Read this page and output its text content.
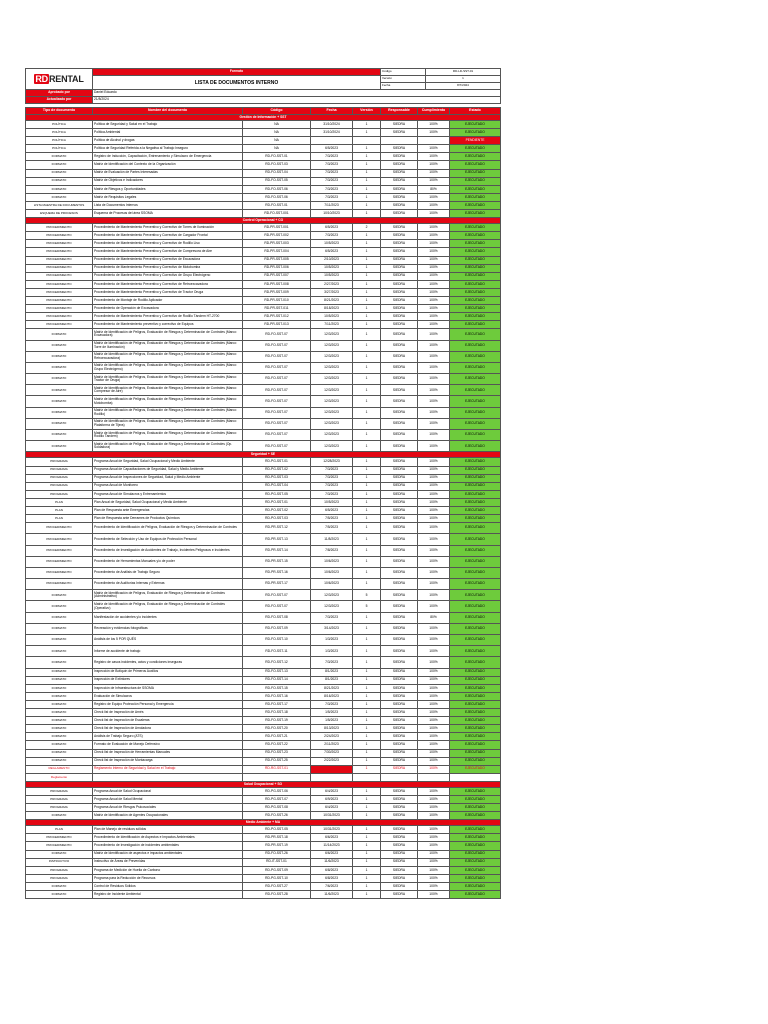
RDRENTAL	Formato	Código	RD-LD-SST-01
	LISTA DE DOCUMENTOS INTERNO	Versión	1
		Fecha	8/7/2024
Aprobado por	Daniel Eduardo		
Actualizado por	21/8/2024		
Tipo de documento	Nombre del documento	Código	Fecha	Versión	Responsable	Cumplimiento	Estado
Gestión de Información + SST							
POLÍTICA	Política de Seguridad y Salud en el Trabajo	NA	31/10/2024	1	SIEDRA	100%	EJECUTADO
POLÍTICA	Política Ambiental	NA	31/10/2024	1	SIEDRA	100%	EJECUTADO
POLÍTICA	Política de Alcohol y drogas	NA					PENDIENTE
POLÍTICA	Política de Seguridad Referida a la Negativa al Trabajo Inseguro	NA	6/5/2023	1	SIEDRA	100%	EJECUTADO
FORMATO	Registro de Inducción, Capacitación, Entrenamiento y Simulacro de Emergencia	RD-FO-SST-01	7/3/2023	1	SIEDRA	100%	EJECUTADO
FORMATO	Matriz de Identificación del Contexto de la Organización	RD-FO-SST-03	7/3/2023	1	SIEDRA	100%	EJECUTADO
FORMATO	Matriz de Evaluación de Partes Interesadas	RD-FO-SST-04	7/3/2023	1	SIEDRA	100%	EJECUTADO
FORMATO	Matriz de Objetivos e Indicadores	RD-FO-SST-05	7/3/2023	1	SIEDRA	100%	EJECUTADO
FORMATO	Matriz de Riesgos y Oportunidades	RD-FO-SST-06	7/3/2023	1	SIEDRA	80%	EJECUTADO
FORMATO	Matriz de Requisitos Legales	RD-FO-SST-06	7/3/2023	1	SIEDRA	100%	EJECUTADO
LISTA MAESTRA DE DOCUMENTOS	Lista de Documentos Internos	RD-FO-SST-01	7/11/2023	1	SIEDRA	100%	EJECUTADO
ESQUEMA DE PROCESOS	Esquema de Procesos del área SSOMA	RD-FO-SST-001	10/10/2023	1	SIEDRA	100%	EJECUTADO
Control Operacional + CO							
PROCEDIMIENTO	Procedimiento de Mantenimiento Preventivo y Correctivo de Torres de Iluminación	RD-PR-SST-001	6/5/2023	2	SIEDRA	100%	EJECUTADO
PROCEDIMIENTO	Procedimiento de Mantenimiento Preventivo y Correctivo de Cargador Frontal	RD-PR-SST-002	7/3/2023	1	SIEDRA	100%	EJECUTADO
PROCEDIMIENTO	Procedimiento de Mantenimiento Preventivo y Correctivo de Rodillo Liso	RD-PR-SST-003	10/5/2023	1	SIEDRA	100%	EJECUTADO
PROCEDIMIENTO	Procedimiento de Mantenimiento Preventivo y Correctivo de Compresora de Aire	RD-PR-SST-004	6/5/2023	1	SIEDRA	100%	EJECUTADO
PROCEDIMIENTO	Procedimiento de Mantenimiento Preventivo y Correctivo de Excavadora	RD-PR-SST-005	2/10/2023	1	SIEDRA	100%	EJECUTADO
PROCEDIMIENTO	Procedimiento de Mantenimiento Preventivo y Correctivo de Motobomba	RD-PR-SST-006	10/5/2023	1	SIEDRA	100%	EJECUTADO
PROCEDIMIENTO	Procedimiento de Mantenimiento Preventivo y Correctivo de Grupo Electrógeno	RD-PR-SST-007	10/5/2023	1	SIEDRA	100%	EJECUTADO
PROCEDIMIENTO	Procedimiento de Mantenimiento Preventivo y Correctivo de Retroexcavadora	RD-PR-SST-008	2/27/2023	1	SIEDRA	100%	EJECUTADO
PROCEDIMIENTO	Procedimiento de Mantenimiento Preventivo y Correctivo de Tractor Oruga	RD-PR-SST-009	3/27/2023	1	SIEDRA	100%	EJECUTADO
PROCEDIMIENTO	Procedimiento de Montaje de Rodillo Aplicador	RD-PR-SST-010	8/21/2023	1	SIEDRA	100%	EJECUTADO
PROCEDIMIENTO	Procedimiento de Operación de Excavadora	RD-PR-SST-011	8/18/2023	1	SIEDRA	100%	EJECUTADO
PROCEDIMIENTO	Procedimiento de Mantenimiento Preventivo y Correctivo de Rodillo Tándem HT-2700	RD-PR-SST-012	10/5/2023	1	SIEDRA	100%	EJECUTADO
PROCEDIMIENTO	Procedimiento de Mantenimiento preventivo y correctivo de Equipos	RD-PR-SST-013	7/11/2023	1	SIEDRA	100%	EJECUTADO
FORMATO	Matriz de Identificación de Peligros, Evaluación de Riesgos y Determinación de Controles (Marco: Excavadora)	RD-FO-SST-07	12/3/2023	1	SIEDRA	100%	EJECUTADO
FORMATO	Matriz de Identificación de Peligros, Evaluación de Riesgos y Determinación de Controles (Marco: Torre de Iluminación)	RD-FO-SST-07	12/3/2023	1	SIEDRA	100%	EJECUTADO
FORMATO	Matriz de Identificación de Peligros, Evaluación de Riesgos y Determinación de Controles (Marco: Retroexcavadora)	RD-FO-SST-07	12/3/2023	1	SIEDRA	100%	EJECUTADO
FORMATO	Matriz de Identificación de Peligros, Evaluación de Riesgos y Determinación de Controles (Marco: Grupo Electrógeno)	RD-FO-SST-07	12/3/2023	1	SIEDRA	100%	EJECUTADO
FORMATO	Matriz de Identificación de Peligros, Evaluación de Riesgos y Determinación de Controles (Marco: Tractor de Oruga)	RD-FO-SST-07	12/3/2023	1	SIEDRA	100%	EJECUTADO
FORMATO	Matriz de Identificación de Peligros, Evaluación de Riesgos y Determinación de Controles (Marco: Compresor de Aire)	RD-FO-SST-07	12/3/2023	1	SIEDRA	100%	EJECUTADO
FORMATO	Matriz de Identificación de Peligros, Evaluación de Riesgos y Determinación de Controles (Marco: Motobomba)	RD-FO-SST-07	12/3/2023	1	SIEDRA	100%	EJECUTADO
FORMATO	Matriz de Identificación de Peligros, Evaluación de Riesgos y Determinación de Controles (Marco: Rodillo)	RD-FO-SST-07	12/3/2023	1	SIEDRA	100%	EJECUTADO
FORMATO	Matriz de Identificación de Peligros, Evaluación de Riesgos y Determinación de Controles (Marco: Plataforma de Tijera)	RD-FO-SST-07	12/3/2023	1	SIEDRA	100%	EJECUTADO
FORMATO	Matriz de Identificación de Peligros, Evaluación de Riesgos y Determinación de Controles (Marco: Rodillo Tandem)	RD-FO-SST-07	12/3/2023	1	SIEDRA	100%	EJECUTADO
FORMATO	Matriz de Identificación de Peligros, Evaluación de Riesgos y Determinación de Controles (Op. Soldadura)	RD-FO-SST-07	12/3/2023	1	SIEDRA	100%	EJECUTADO
Seguridad + SE							
PROGRAMA	Programa Anual de Seguridad, Salud Ocupacional y Medio Ambiente	RD-PG-SST-01	12/28/2023	1	SIEDRA	100%	EJECUTADO
PROGRAMA	Programa Anual de Capacitaciones de Seguridad, Salud y Medio Ambiente	RD-PG-SST-02	7/3/2023	1	SIEDRA	100%	EJECUTADO
PROGRAMA	Programa Anual de Inspecciones de Seguridad, Salud y Medio Ambiente	RD-PG-SST-03	7/3/2023	1	SIEDRA	100%	EJECUTADO
PROGRAMA	Programa Anual de Monitoreo	RD-PG-SST-04	7/3/2023	1	SIEDRA	100%	EJECUTADO
PROGRAMA	Programa Anual de Simulacros y Entrenamientos	RD-PG-SST-05	7/3/2023	1	SIEDRA	100%	EJECUTADO
PLAN	Plan Anual de Seguridad, Salud Ocupacional y Medio Ambiente	RD-PO-SST-01	10/5/2023	1	SIEDRA	100%	EJECUTADO
PLAN	Plan de Respuesta ante Emergencias	RD-PO-SST-02	6/5/2023	1	SIEDRA	100%	EJECUTADO
PLAN	Plan de Respuesta ante Derrames de Productos Químicos	RD-PO-SST-03	7/5/2023	1	SIEDRA	100%	EJECUTADO
PROCEDIMIENTO	Procedimiento de Identificación de Peligros, Evaluación de Riesgos y Determinación de Controles	RD-PR-SST-12	7/5/2023	1	SIEDRA	100%	EJECUTADO
PROCEDIMIENTO	Procedimiento de Selección y Uso de Equipos de Protección Personal	RD-PR-SST-13	11/8/2023	1	SIEDRA	100%	EJECUTADO
PROCEDIMIENTO	Procedimiento de Investigación de Accidentes de Trabajo, Incidentes Peligrosos e Incidentes	RD-PR-SST-14	7/8/2023	1	SIEDRA	100%	EJECUTADO
PROCEDIMIENTO	Procedimiento de Herramientas Manuales y/o de poder	RD-PR-SST-15	10/6/2023	1	SIEDRA	100%	EJECUTADO
PROCEDIMIENTO	Procedimiento de Análisis de Trabajo Seguro	RD-PR-SST-16	10/6/2023	1	SIEDRA	100%	EJECUTADO
PROCEDIMIENTO	Procedimiento de Auditorías Internas y Externas	RD-PR-SST-17	10/6/2023	1	SIEDRA	100%	EJECUTADO
FORMATO	Matriz de Identificación de Peligros, Evaluación de Riesgos y Determinación de Controles (Administrativo)	RD-FO-SST-07	12/3/2023	5	SIEDRA	100%	EJECUTADO
FORMATO	Matriz de Identificación de Peligros, Evaluación de Riesgos y Determinación de Controles (Operativo)	RD-FO-SST-07	12/3/2023	5	SIEDRA	100%	EJECUTADO
FORMATO	Manifestación de accidentes y/o incidentes	RD-FO-SST-08	7/3/2023	1	SIEDRA	80%	EJECUTADO
FORMATO	Recreación y evidencias fotográficas	RD-FO-SST-09	3/14/2023	1	SIEDRA	100%	EJECUTADO
FORMATO	Análisis de los 5 POR QUÉS	RD-FO-SST-10	1/3/2023	1	SIEDRA	100%	EJECUTADO
FORMATO	Informe de accidente de trabajo	RD-FO-SST-11	1/3/2023	1	SIEDRA	100%	EJECUTADO
FORMATO	Registro de casos incidentes, actos y condiciones inseguras	RD-FO-SST-12	7/3/2023	1	SIEDRA	100%	EJECUTADO
FORMATO	Inspección de Botiquín de Primeros Auxilios	RD-FO-SST-13	8/1/2023	1	SIEDRA	100%	EJECUTADO
FORMATO	Inspección de Extintores	RD-FO-SST-14	8/1/2023	1	SIEDRA	100%	EJECUTADO
FORMATO	Inspección de Infraestructura de SSOMA	RD-FO-SST-15	8/21/2023	1	SIEDRA	100%	EJECUTADO
FORMATO	Evaluación de Simulacros	RD-FO-SST-16	8/16/2023	1	SIEDRA	100%	EJECUTADO
FORMATO	Registro de Equipo Protección Personal y Emergencia	RD-FO-SST-17	7/3/2023	1	SIEDRA	100%	EJECUTADO
FORMATO	Check list de Inspección de Arnés	RD-FO-SST-18	1/5/2023	1	SIEDRA	100%	EJECUTADO
FORMATO	Check list de Inspección de Escaleras	RD-FO-SST-19	1/5/2023	1	SIEDRA	100%	EJECUTADO
FORMATO	Check list de Inspección de Amoladora	RD-FO-SST-20	8/13/2023	1	SIEDRA	100%	EJECUTADO
FORMATO	Análisis de Trabajo Seguro (ATS)	RD-FO-SST-21	2/24/2023	1	SIEDRA	100%	EJECUTADO
FORMATO	Formato de Evaluación de Manejo Defensivo	RD-FO-SST-22	2/11/2023	1	SIEDRA	100%	EJECUTADO
FORMATO	Check list de Inspección de Herramientas Manuales	RD-FO-SST-23	7/30/2023	1	SIEDRA	100%	EJECUTADO
FORMATO	Check list de Inspección de Montacarga	RD-FO-SST-25	2/22/2023	1	SIEDRA	100%	EJECUTADO
REGLAMENTO	Reglamento Interno de Seguridad y Salud en el Trabajo	RD-RG-SST-01		1	SIEDRA	100%	EJECUTADO
Reglamento							
Salud Ocupacional + SO							
PROGRAMA	Programa Anual de Salud Ocupacional	RD-PG-SST-06	6/4/2023	1	SIEDRA	100%	EJECUTADO
PROGRAMA	Programa Anual de Salud Mental	RD-PG-SST-07	6/9/2023	1	SIEDRA	100%	EJECUTADO
PROGRAMA	Programa Anual de Riesgos Psicosociales	RD-PG-SST-08	6/4/2023	1	SIEDRA	100%	EJECUTADO
FORMATO	Matriz de Identificación de Agentes Ocupacionales	RD-FO-SST-26	10/31/2023	1	SIEDRA	100%	EJECUTADO
Medio Ambiente + MA							
PLAN	Plan de Manejo de residuos sólidos	RD-PO-SST-05	10/31/2023	1	SIEDRA	100%	EJECUTADO
PROCEDIMIENTO	Procedimiento de Identificación de Aspectos e Impactos Ambientales	RD-PR-SST-18	6/6/2023	1	SIEDRA	100%	EJECUTADO
PROCEDIMIENTO	Procedimiento de Investigación de incidentes ambientales	RD-PR-SST-19	11/14/2023	1	SIEDRA	100%	EJECUTADO
FORMATO	Matriz de Identificación de aspectos e impactos ambientales	RD-FO-SST-26	6/6/2023	1	SIEDRA	100%	EJECUTADO
INSTRUCTIVO	Instructivo de Áreas de Prevenidas	RD-IT-SST-01	11/6/2023	1	SIEDRA	100%	EJECUTADO
PROGRAMA	Programa de Medición de Huella de Carbono	RD-PG-SST-09	6/8/2023	1	SIEDRA	100%	EJECUTADO
PROGRAMA	Programa para la Reducción de Recursos	RD-PG-SST-10	6/8/2023	1	SIEDRA	100%	EJECUTADO
FORMATO	Control de Residuos Sólidos	RD-FO-SST-27	7/6/2023	1	SIEDRA	100%	EJECUTADO
FORMATO	Registro de Incidente Ambiental	RD-FO-SST-28	11/6/2023	1	SIEDRA	100%	EJECUTADO
